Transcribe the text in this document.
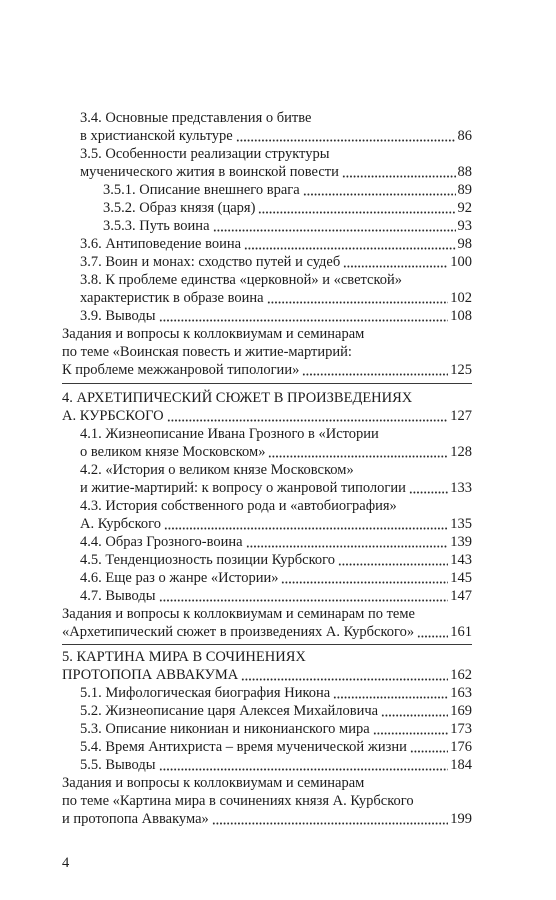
3.4. Основные представления о битве
в христианской культуре	86
3.5. Особенности реализации структуры
мученического жития в воинской повести	88
3.5.1. Описание внешнего врага	89
3.5.2. Образ князя (царя)	92
3.5.3. Путь воина	93
3.6. Антиповедение воина	98
3.7. Воин и монах: сходство путей и судеб	100
3.8. К проблеме единства «церковной» и «светской»
характеристик в образе воина	102
3.9. Выводы	108
Задания и вопросы к коллоквиумам и семинарам
по теме «Воинская повесть и житие-мартирий:
К проблеме межжанровой типологии»	125
4. АРХЕТИПИЧЕСКИЙ СЮЖЕТ В ПРОИЗВЕДЕНИЯХ
А. КУРБСКОГО	127
4.1. Жизнеописание Ивана Грозного в «Истории
о великом князе Московском»	128
4.2. «История о великом князе Московском»
и житие-мартирий: к вопросу о жанровой типологии	133
4.3. История собственного рода и «автобиография»
А. Курбского	135
4.4. Образ Грозного-воина	139
4.5. Тенденциозность позиции Курбского	143
4.6. Еще раз о жанре «Истории»	145
4.7. Выводы	147
Задания и вопросы к коллоквиумам и семинарам по теме
«Архетипический сюжет в произведениях А. Курбского» 161
5. КАРТИНА МИРА В СОЧИНЕНИЯХ
ПРОТОПОПА АВВАКУМА	162
5.1. Мифологическая биография Никона	163
5.2. Жизнеописание царя Алексея Михайловича	169
5.3. Описание никониан и никонианского мира	173
5.4. Время Антихриста – время мученической жизни	176
5.5. Выводы	184
Задания и вопросы к коллоквиумам и семинарам
по теме «Картина мира в сочинениях князя А. Курбского
и протопопа Аввакума»	199
4
